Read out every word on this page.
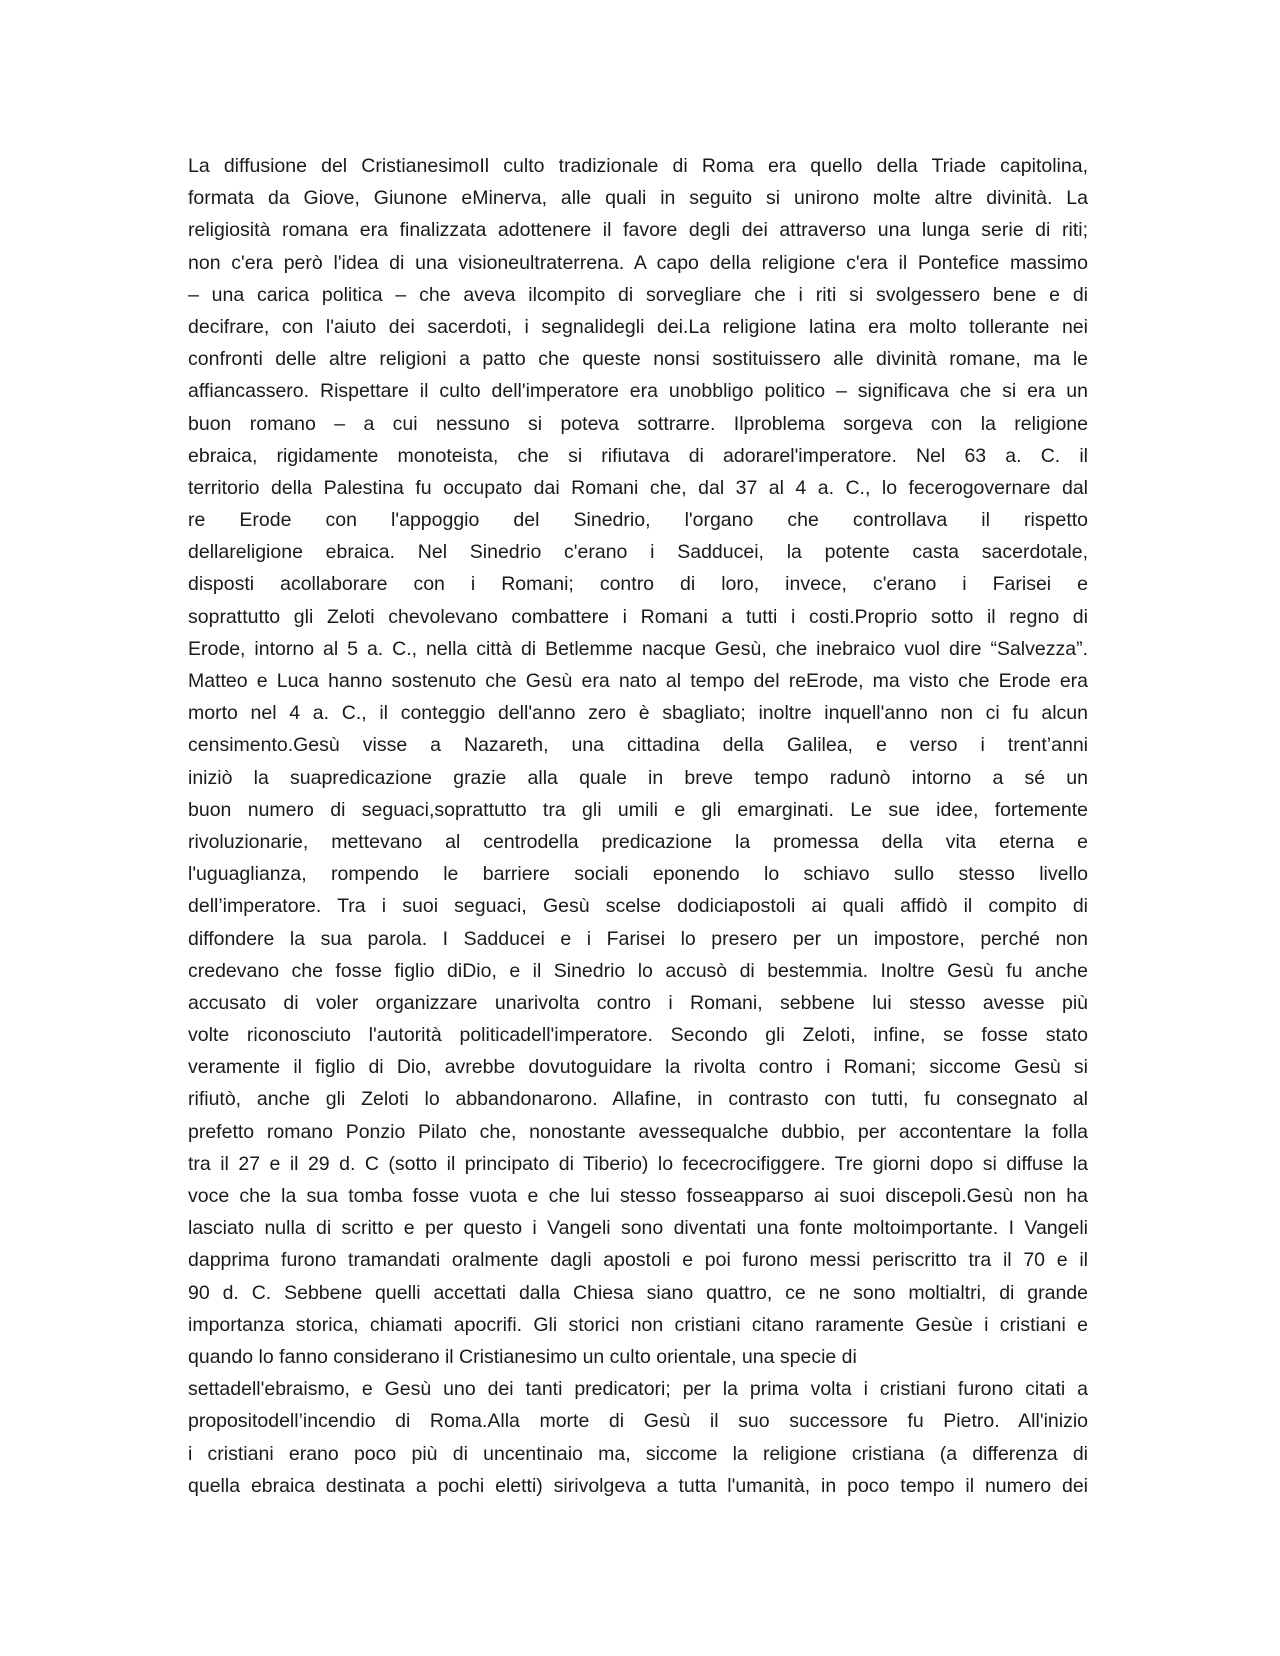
La diffusione del CristianesimoIl culto tradizionale di Roma era quello della Triade capitolina,
formata da Giove, Giunone eMinerva, alle quali in seguito si unirono molte altre divinità. La
religiosità romana era finalizzata adottenere il favore degli dei attraverso una lunga serie di riti;
non c'era però l'idea di una visioneultraterrena. A capo della religione c'era il Pontefice massimo
– una carica politica – che aveva ilcompito di sorvegliare che i riti si svolgessero bene e di
decifrare, con l'aiuto dei sacerdoti, i segnalidegli dei.La religione latina era molto tollerante nei
confronti delle altre religioni a patto che queste nonsi sostituissero alle divinità romane, ma le
affiancassero. Rispettare il culto dell'imperatore era unobbligo politico – significava che si era un
buon romano – a cui nessuno si poteva sottrarre. Ilproblema sorgeva con la religione
ebraica, rigidamente monoteista, che si rifiutava di adorarel'imperatore. Nel 63 a. C. il
territorio della Palestina fu occupato dai Romani che, dal 37 al 4 a. C., lo fecerogovernare dal
re Erode con l'appoggio del Sinedrio, l'organo che controllava il rispetto
dellareligione ebraica. Nel Sinedrio c'erano i Sadducei, la potente casta sacerdotale,
disposti acollaborare con i Romani; contro di loro, invece, c'erano i Farisei e
soprattutto gli Zeloti chevolevano combattere i Romani a tutti i costi.Proprio sotto il regno di
Erode, intorno al 5 a. C., nella città di Betlemme nacque Gesù, che inebraico vuol dire “Salvezza”.
Matteo e Luca hanno sostenuto che Gesù era nato al tempo del reErode, ma visto che Erode era
morto nel 4 a. C., il conteggio dell'anno zero è sbagliato; inoltre inquell'anno non ci fu alcun
censimento.Gesù visse a Nazareth, una cittadina della Galilea, e verso i trent’anni
iniziò la suapredicazione grazie alla quale in breve tempo radunò intorno a sé un
buon numero di seguaci,soprattutto tra gli umili e gli emarginati. Le sue idee, fortemente
rivoluzionarie, mettevano al centrodella predicazione la promessa della vita eterna e
l'uguaglianza, rompendo le barriere sociali eponendo lo schiavo sullo stesso livello
dell’imperatore. Tra i suoi seguaci, Gesù scelse dodiciapostoli ai quali affidò il compito di
diffondere la sua parola. I Sadducei e i Farisei lo presero per un impostore, perché non
credevano che fosse figlio diDio, e il Sinedrio lo accusò di bestemmia. Inoltre Gesù fu anche
accusato di voler organizzare unarivolta contro i Romani, sebbene lui stesso avesse più
volte riconosciuto l'autorità politicadell'imperatore. Secondo gli Zeloti, infine, se fosse stato
veramente il figlio di Dio, avrebbe dovutoguidare la rivolta contro i Romani; siccome Gesù si
rifiutò, anche gli Zeloti lo abbandonarono. Allafine, in contrasto con tutti, fu consegnato al
prefetto romano Ponzio Pilato che, nonostante avessequalche dubbio, per accontentare la folla
tra il 27 e il 29 d. C (sotto il principato di Tiberio) lo fececrocifiggere. Tre giorni dopo si diffuse la
voce che la sua tomba fosse vuota e che lui stesso fosseapparso ai suoi discepoli.Gesù non ha
lasciato nulla di scritto e per questo i Vangeli sono diventati una fonte moltoimportante. I Vangeli
dapprima furono tramandati oralmente dagli apostoli e poi furono messi periscritto tra il 70 e il
90 d. C. Sebbene quelli accettati dalla Chiesa siano quattro, ce ne sono moltialtri, di grande
importanza storica, chiamati apocrifi. Gli storici non cristiani citano raramente Gesùe i cristiani e
quando lo fanno considerano il Cristianesimo un culto orientale, una specie di
settadell'ebraismo, e Gesù uno dei tanti predicatori; per la prima volta i cristiani furono citati a
propositodell’incendio di Roma.Alla morte di Gesù il suo successore fu Pietro. All'inizio
i cristiani erano poco più di uncentinaio ma, siccome la religione cristiana (a differenza di
quella ebraica destinata a pochi eletti) sirivolgeva a tutta l'umanità, in poco tempo il numero dei
